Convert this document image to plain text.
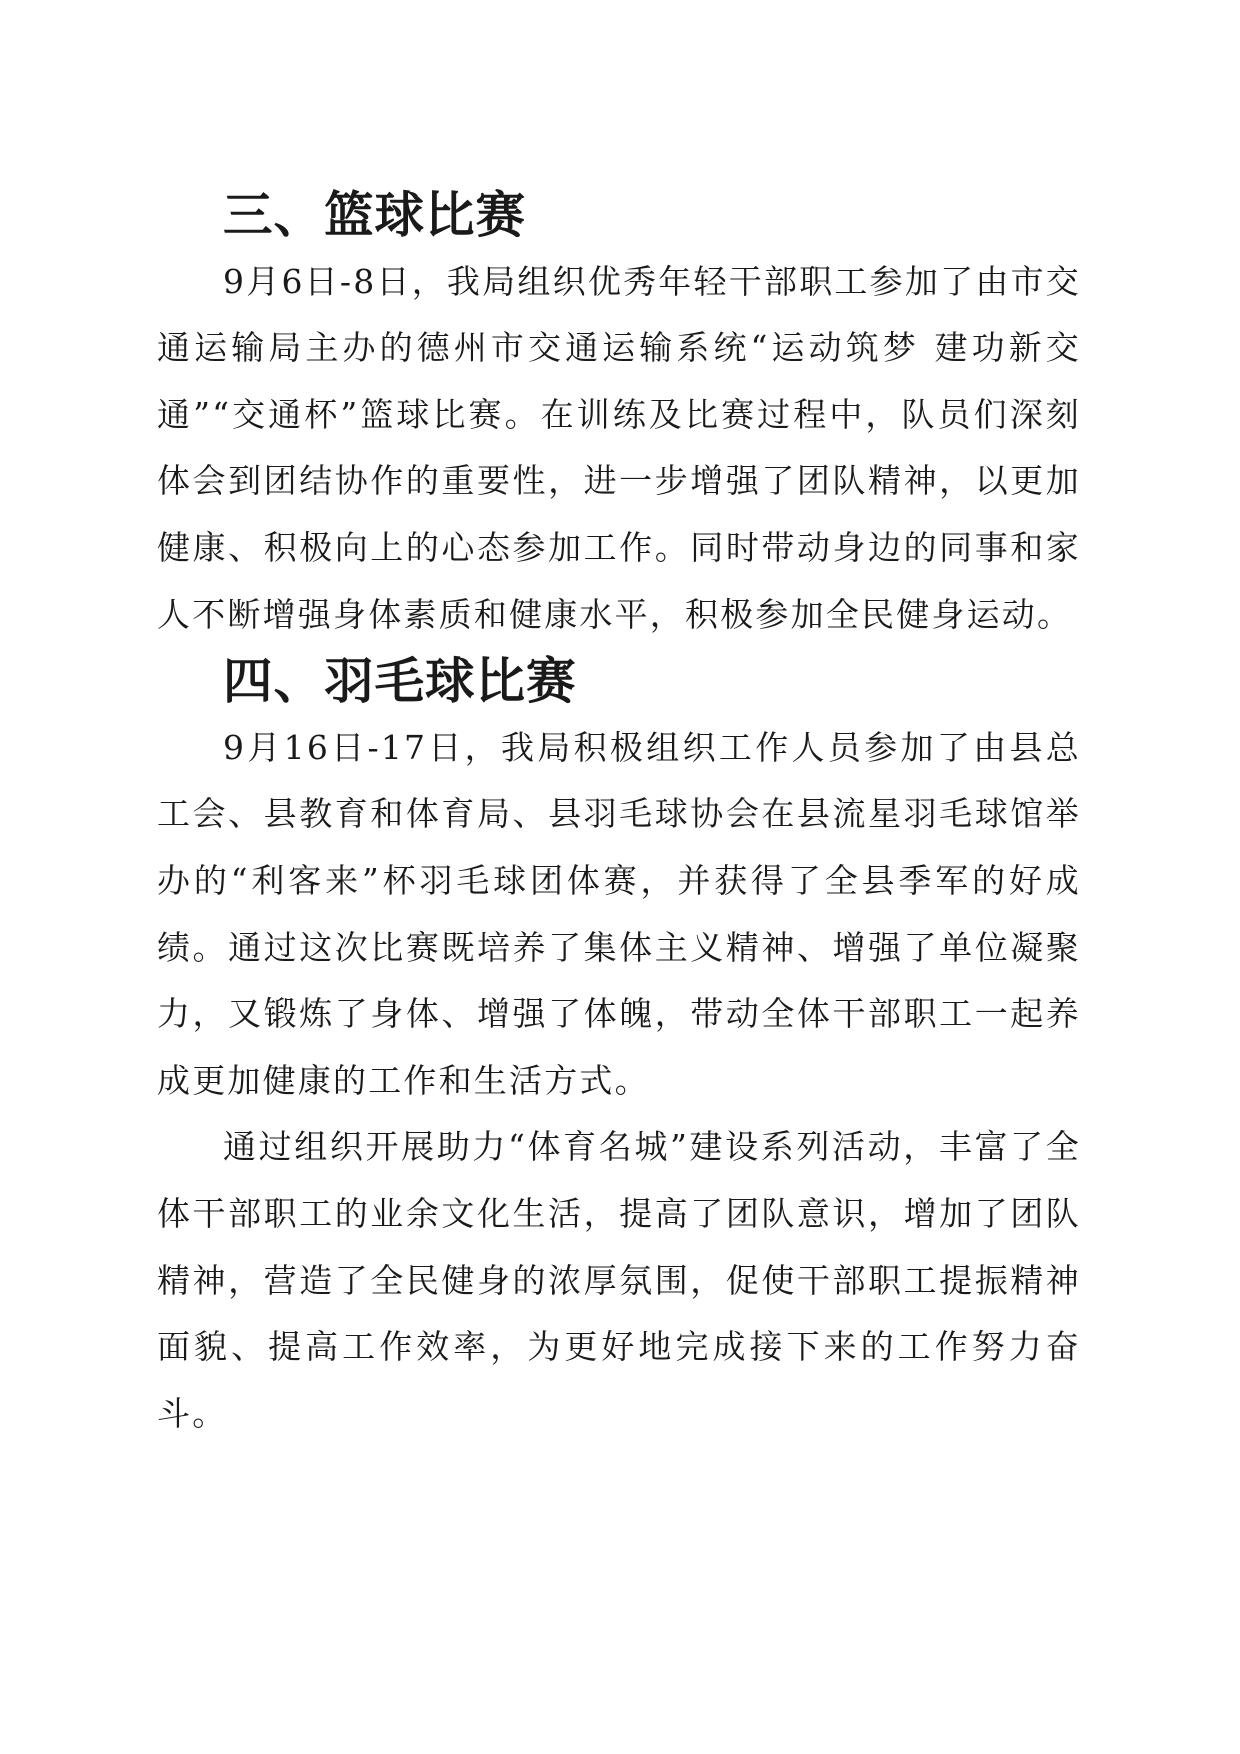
三、篮球比赛

9月6日-8日，我局组织优秀年轻干部职工参加了由市交通运输局主办的德州市交通运输系统“运动筑梦 建功新交通”“交通杯”篮球比赛。在训练及比赛过程中，队员们深刻体会到团结协作的重要性，进一步增强了团队精神，以更加健康、积极向上的心态参加工作。同时带动身边的同事和家人不断增强身体素质和健康水平，积极参加全民健身运动。

四、羽毛球比赛

9月16日-17日，我局积极组织工作人员参加了由县总工会、县教育和体育局、县羽毛球协会在县流星羽毛球馆举办的“利客来”杯羽毛球团体赛，并获得了全县季军的好成绩。通过这次比赛既培养了集体主义精神、增强了单位凝聚力，又锻炼了身体、增强了体魄，带动全体干部职工一起养成更加健康的工作和生活方式。

通过组织开展助力“体育名城”建设系列活动，丰富了全体干部职工的业余文化生活，提高了团队意识，增加了团队精神，营造了全民健身的浓厚氛围，促使干部职工提振精神面貌、提高工作效率，为更好地完成接下来的工作努力奋斗。
